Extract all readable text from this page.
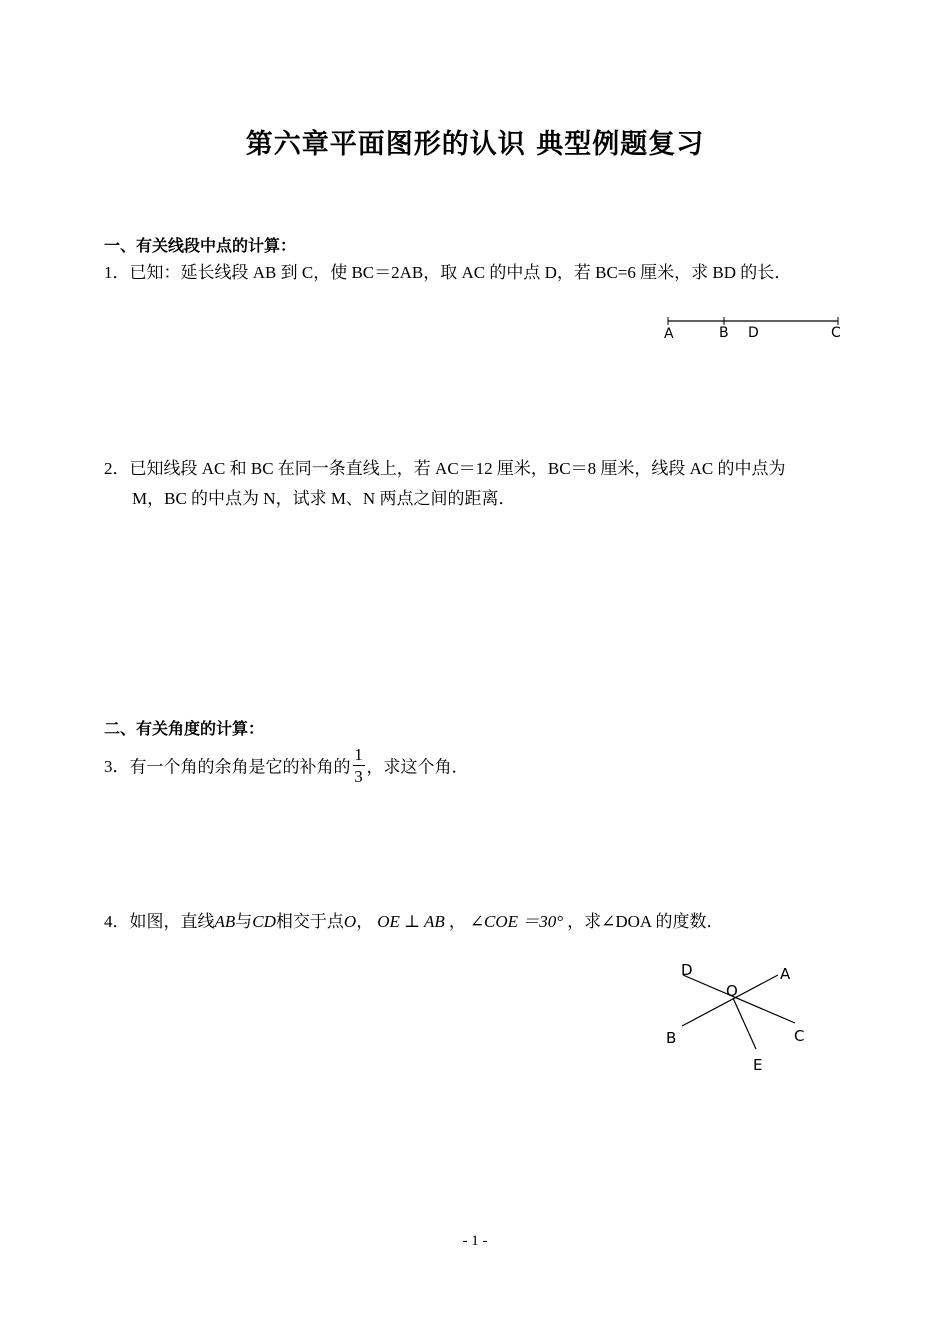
第六章平面图形的认识 典型例题复习
一、有关线段中点的计算：
1．已知：延长线段 AB 到 C，使 BC＝2AB，取 AC 的中点 D，若 BC=6 厘米，求 BD 的长．
A	B D	C
2．已知线段 AC 和 BC 在同一条直线上，若 AC＝12 厘米，BC＝8 厘米，线段 AC 的中点为
M，BC 的中点为 N，试求 M、N 两点之间的距离．
二、有关角度的计算：
3．有一个角的余角是它的补角的 $\frac{1}{3}$ ，求这个角．
4．如图，直线AB与CD相交于点O， OE ⊥ AB ， ∠COE ＝30° ，求∠DOA 的度数．
D	A
O
B	C
E
- 1 -
